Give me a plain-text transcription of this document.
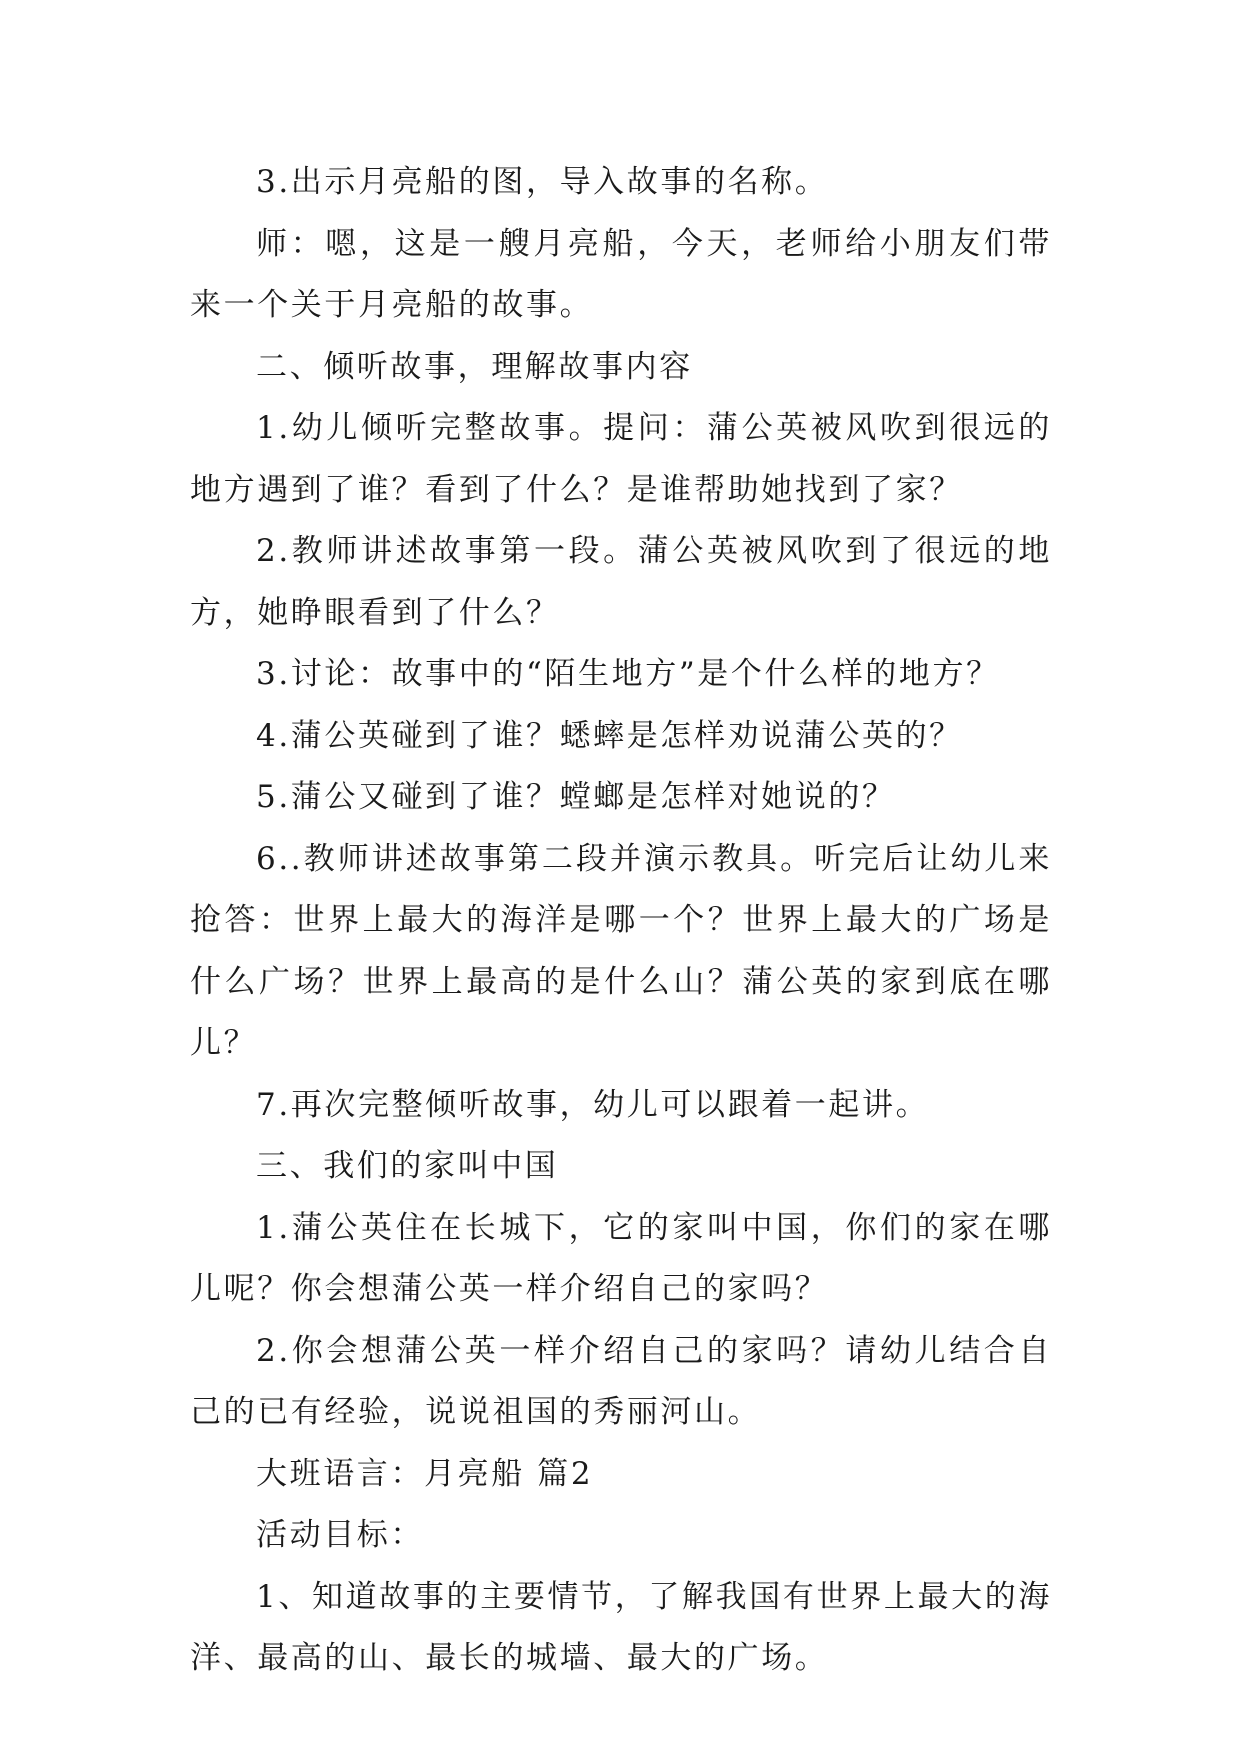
3.出示月亮船的图，导入故事的名称。

师：嗯，这是一艘月亮船，今天，老师给小朋友们带来一个关于月亮船的故事。

二、倾听故事，理解故事内容

1.幼儿倾听完整故事。提问：蒲公英被风吹到很远的地方遇到了谁？看到了什么？是谁帮助她找到了家？

2.教师讲述故事第一段。蒲公英被风吹到了很远的地方，她睁眼看到了什么？

3.讨论：故事中的“陌生地方”是个什么样的地方？

4.蒲公英碰到了谁？蟋蟀是怎样劝说蒲公英的？

5.蒲公又碰到了谁？螳螂是怎样对她说的？

6..教师讲述故事第二段并演示教具。听完后让幼儿来抢答：世界上最大的海洋是哪一个？世界上最大的广场是什么广场？世界上最高的是什么山？蒲公英的家到底在哪儿？

7.再次完整倾听故事，幼儿可以跟着一起讲。

三、我们的家叫中国

1.蒲公英住在长城下，它的家叫中国，你们的家在哪儿呢？你会想蒲公英一样介绍自己的家吗？

2.你会想蒲公英一样介绍自己的家吗？请幼儿结合自己的已有经验，说说祖国的秀丽河山。

大班语言：月亮船 篇2

活动目标：

1、知道故事的主要情节，了解我国有世界上最大的海洋、最高的山、最长的城墙、最大的广场。
